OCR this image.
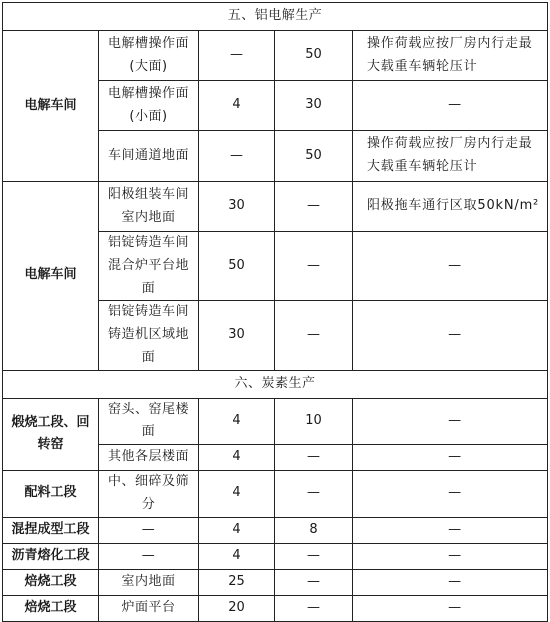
五、铝电解生产				
电解车间	电解槽操作面(大面)	—	50	操作荷载应按厂房内行走最大载重车辆轮压计
	电解槽操作面(小面)	4	30	—
	车间通道地面	—	50	操作荷载应按厂房内行走最大载重车辆轮压计
电解车间	阳极组装车间室内地面	30	—	阳极拖车通行区取50kN/m²
	铝锭铸造车间混合炉平台地面	50	—	—
	铝锭铸造车间铸造机区域地面	30	—	—
六、炭素生产				
煅烧工段、回转窑	窑头、窑尾楼面	4	10	—
	其他各层楼面	4	—	—
配料工段	中、细碎及筛分	4	—	—
混捏成型工段	—	4	8	—
沥青熔化工段	—	4	—	—
焙烧工段	室内地面	25	—	—
焙烧工段	炉面平台	20	—	—
